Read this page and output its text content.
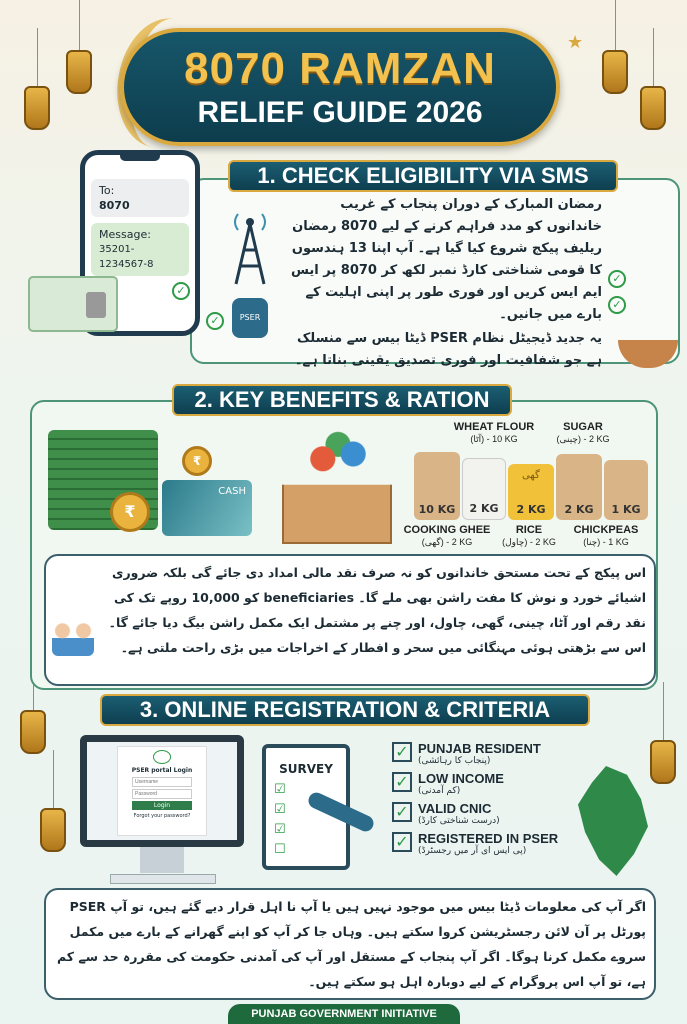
8070 RAMZAN
RELIEF GUIDE 2026
★
1. CHECK ELIGIBILITY VIA SMS
To:
8070
Message:
35201-1234567-8
PSER
✓
✓
رمضان المبارک کے دوران پنجاب کے غریب خاندانوں کو مدد فراہم کرنے کے لیے 8070 رمضان ریلیف پیکج شروع کیا گیا ہے۔ آپ اپنا 13 ہندسوں کا قومی شناختی کارڈ نمبر لکھ کر 8070 پر ایس ایم ایس کریں اور فوری طور پر اپنی اہلیت کے بارے میں جانیں۔
یہ جدید ڈیجیٹل نظام PSER ڈیٹا بیس سے منسلک ہے جو شفافیت اور فوری تصدیق یقینی بناتا ہے۔
✓
✓
2. KEY BENEFITS & RATION
₹
₹
CASH
WHEAT FLOUR
(آٹا) - 10 KG
SUGAR
(چینی) - 2 KG
10 KG	2 KG	2 KG	2 KG	1 KG
گھی
COOKING GHEE
(گھی) - 2 KG
RICE
(چاول) - 2 KG
CHICKPEAS
(چنا) - 1 KG
اس پیکج کے تحت مستحق خاندانوں کو نہ صرف نقد مالی امداد دی جائے گی بلکہ ضروری اشیائے خورد و نوش کا مفت راشن بھی ملے گا۔ beneficiaries کو 10,000 روپے تک کی نقد رقم اور آٹا، چینی، گھی، چاول، اور چنے پر مشتمل ایک مکمل راشن بیگ دیا جائے گا۔ اس سے بڑھتی ہوئی مہنگائی میں سحر و افطار کے اخراجات میں بڑی راحت ملتی ہے۔
3. ONLINE REGISTRATION & CRITERIA
PSER portal Login
Username
Password
Login
Forgot your password?
SURVEY
☑
☑
☑
☐
✓ PUNJAB RESIDENT
(پنجاب کا رہائشی)
✓ LOW INCOME
(کم آمدنی)
✓ VALID CNIC
(درست شناختی کارڈ)
✓ REGISTERED IN PSER
(پی ایس ای آر میں رجسٹرڈ)
اگر آپ کی معلومات ڈیٹا بیس میں موجود نہیں ہیں یا آپ نا اہل قرار دیے گئے ہیں، تو آپ PSER پورٹل پر آن لائن رجسٹریشن کروا سکتے ہیں۔ وہاں جا کر آپ کو اپنے گھرانے کے بارے میں مکمل سروے مکمل کرنا ہوگا۔ اگر آپ پنجاب کے مستقل اور آپ کی آمدنی حکومت کی مقررہ حد سے کم ہے، تو آپ اس پروگرام کے لیے دوبارہ اہل ہو سکتے ہیں۔
PUNJAB GOVERNMENT INITIATIVE
